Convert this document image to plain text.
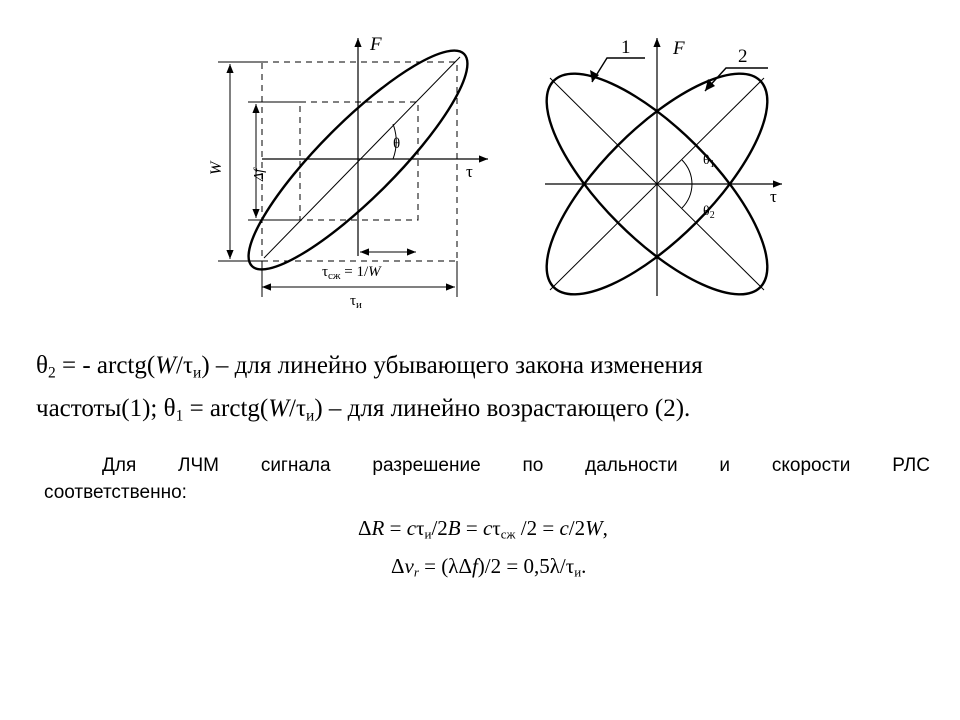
F
τ
θ
W Δf
$\tau_{сж} = 1/W$
$\tau_и$
F
τ
1	2
$\theta_1$
$\theta_2$
$\theta_2$ = - $arctg(W/\tau_и)$ – для линейно убывающего закона изменения
частоты(1); $\theta_1$ = $arctg(W/\tau_и)$ – для линейно возрастающего (2).
Для ЛЧМ сигнала разрешение по дальности и скорости РЛС
соответственно:
$\Delta R = c\tau_и/2B = c\tau_{сж}$ /2 = c/2W,
$\Delta v_r = (\lambda\Delta f)/2 = 0,5\lambda/\tau_и$.
